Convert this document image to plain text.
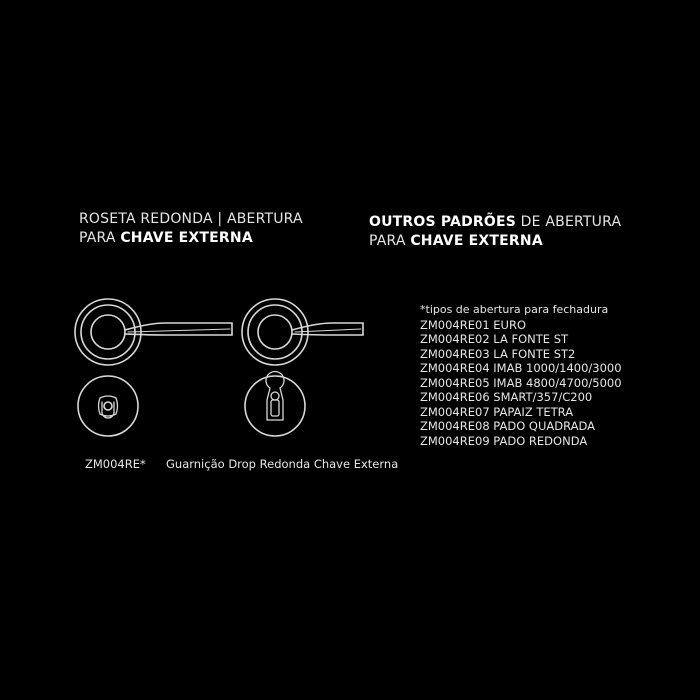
ROSETA REDONDA | ABERTURA
PARA CHAVE EXTERNA
OUTROS PADRÕES DE ABERTURA
PARA CHAVE EXTERNA
ZM004RE* Guarnição Drop Redonda Chave Externa
*tipos de abertura para fechadura
ZM004RE01 EURO
ZM004RE02 LA FONTE ST
ZM004RE03 LA FONTE ST2
ZM004RE04 IMAB 1000/1400/3000
ZM004RE05 IMAB 4800/4700/5000
ZM004RE06 SMART/357/C200
ZM004RE07 PAPAIZ TETRA
ZM004RE08 PADO QUADRADA
ZM004RE09 PADO REDONDA
